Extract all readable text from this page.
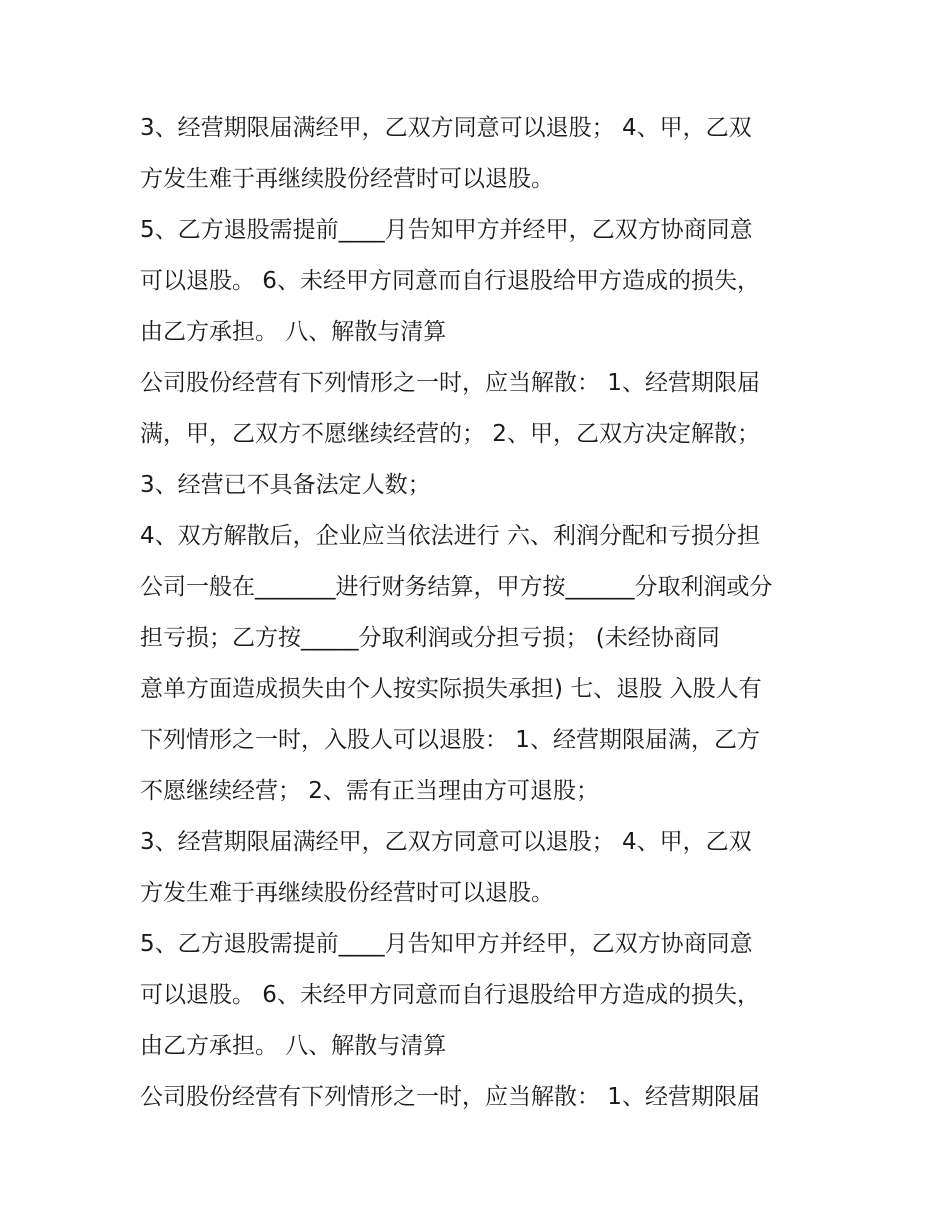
3、经营期限届满经甲，乙双方同意可以退股； 4、甲，乙双
方发生难于再继续股份经营时可以退股。
5、乙方退股需提前____月告知甲方并经甲，乙双方协商同意
可以退股。 6、未经甲方同意而自行退股给甲方造成的损失，
由乙方承担。 八、解散与清算
公司股份经营有下列情形之一时，应当解散： 1、经营期限届
满，甲，乙双方不愿继续经营的； 2、甲，乙双方决定解散；
3、经营已不具备法定人数；
4、双方解散后，企业应当依法进行 六、利润分配和亏损分担
公司一般在_______进行财务结算，甲方按______分取利润或分
担亏损；乙方按_____分取利润或分担亏损； (未经协商同
意单方面造成损失由个人按实际损失承担) 七、退股 入股人有
下列情形之一时，入股人可以退股： 1、经营期限届满，乙方
不愿继续经营； 2、需有正当理由方可退股；
3、经营期限届满经甲，乙双方同意可以退股； 4、甲，乙双
方发生难于再继续股份经营时可以退股。
5、乙方退股需提前____月告知甲方并经甲，乙双方协商同意
可以退股。 6、未经甲方同意而自行退股给甲方造成的损失，
由乙方承担。 八、解散与清算
公司股份经营有下列情形之一时，应当解散： 1、经营期限届
